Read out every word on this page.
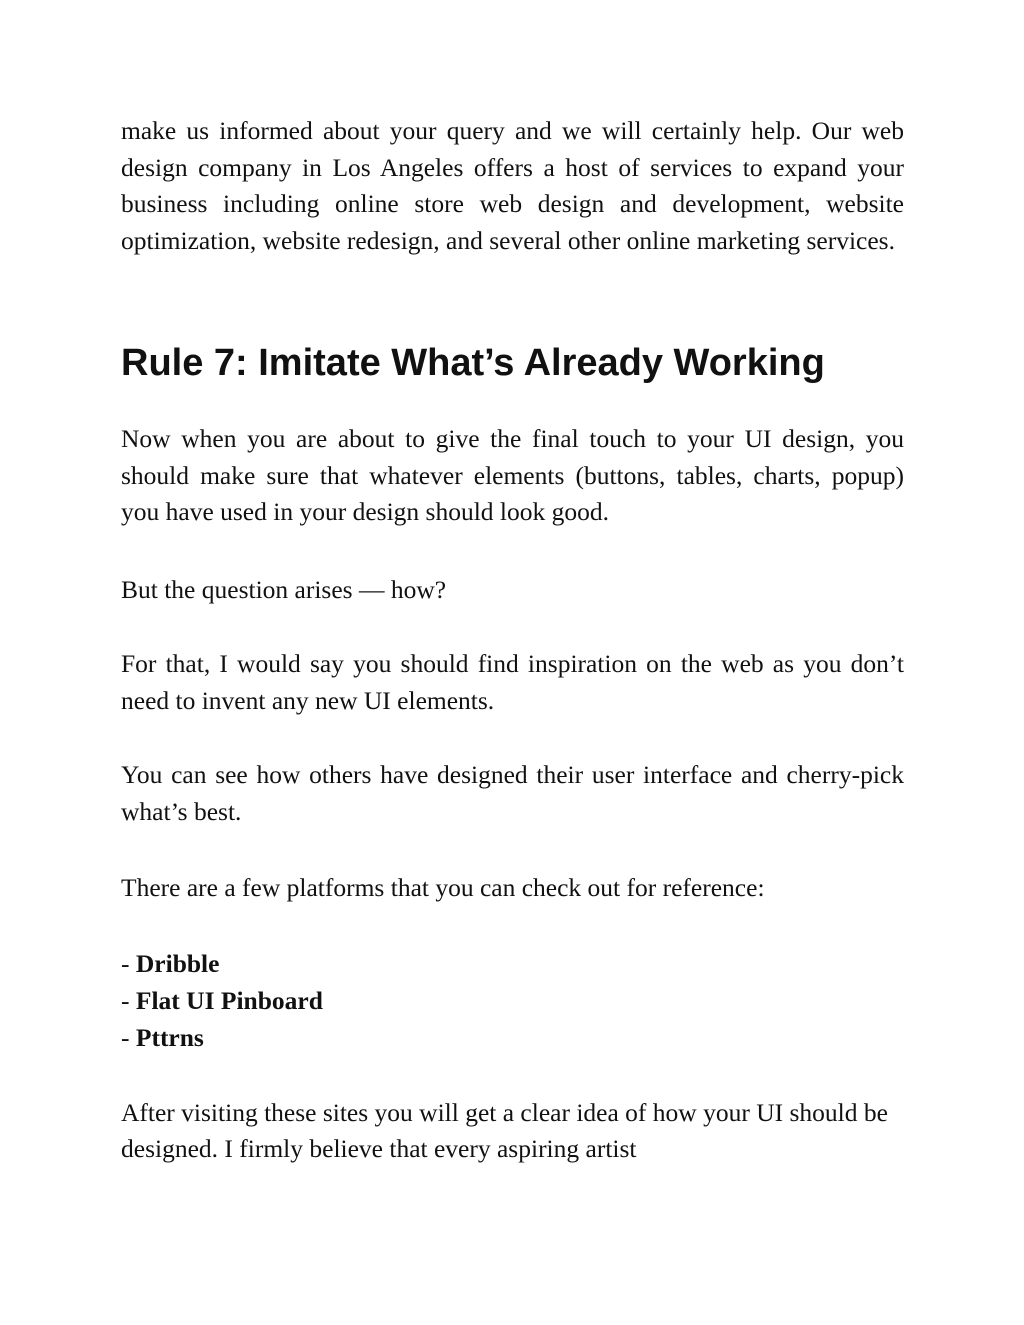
make us informed about your query and we will certainly help. Our web design company in Los Angeles offers a host of services to expand your business including online store web design and development, website optimization, website redesign, and several other online marketing services.

Rule 7: Imitate What’s Already Working

Now when you are about to give the final touch to your UI design, you should make sure that whatever elements (buttons, tables, charts, popup) you have used in your design should look good.

But the question arises — how?

For that, I would say you should find inspiration on the web as you don’t need to invent any new UI elements.

You can see how others have designed their user interface and cherry-pick what’s best.

There are a few platforms that you can check out for reference:

- Dribble
- Flat UI Pinboard
- Pttrns

After visiting these sites you will get a clear idea of how your UI should be designed. I firmly believe that every aspiring artist
